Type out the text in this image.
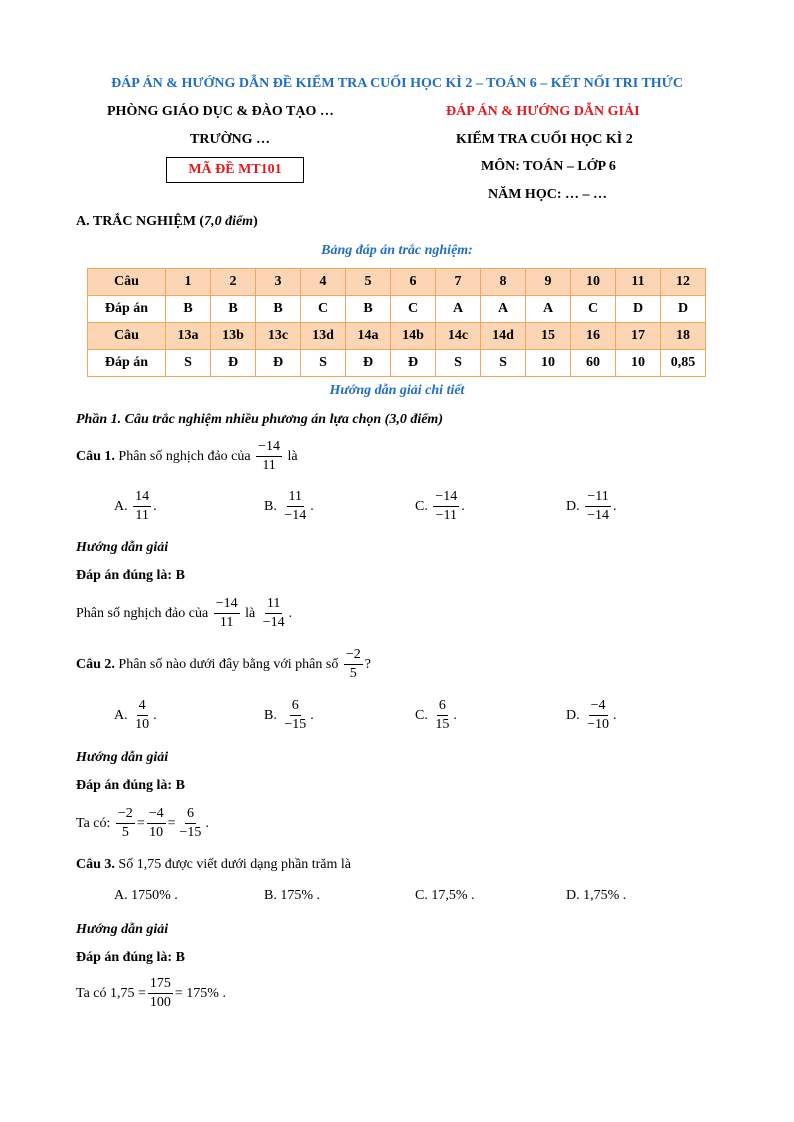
ĐÁP ÁN & HƯỚNG DẪN ĐỀ KIỂM TRA CUỐI HỌC KÌ 2 – TOÁN 6 – KẾT NỐI TRI THỨC
PHÒNG GIÁO DỤC & ĐÀO TẠO …
TRƯỜNG …
MÃ ĐỀ MT101
ĐÁP ÁN & HƯỚNG DẪN GIẢI
KIỂM TRA CUỐI HỌC KÌ 2
MÔN: TOÁN – LỚP 6
NĂM HỌC: … – …
A. TRẮC NGHIỆM (7,0 điểm)
Bảng đáp án trắc nghiệm:
Câu	1	2	3	4	5	6	7	8	9	10	11	12
Đáp án	B	B	B	C	B	C	A	A	A	C	D	D
Câu	13a	13b	13c	13d	14a	14b	14c	14d	15	16	17	18
Đáp án	S	Đ	Đ	S	Đ	Đ	S	S	10	60	10	0,85
Hướng dẫn giải chi tiết
Phần 1. Câu trắc nghiệm nhiều phương án lựa chọn (3,0 điểm)
Câu 1.
Phân số nghịch đảo của
$\frac{-14}{11}$
là
A.
$\frac{14}{11}$ .	B.
$\frac{11}{-14}$ .	C.
$\frac{-14}{-11}$ .	D.
$\frac{-11}{-14}$ .
Hướng dẫn giải
Đáp án đúng là: B
Phân số nghịch đảo của
$\frac{-14}{11}$
là
$\frac{11}{-14}$ .
Câu 2.
Phân số nào dưới đây bằng với phân số
$\frac{-2}{5}$ ?
A.
$\frac{4}{10}$ .	B.
$\frac{6}{-15}$ .	C.
$\frac{6}{15}$ .	D.
$\frac{-4}{-10}$ .
Hướng dẫn giải
Đáp án đúng là: B
Ta có:
$\frac{-2}{5} = \frac{-4}{10} = \frac{6}{-15}$ .
Câu 3. Số 1,75 được viết dưới dạng phần trăm là
A. 1750% .	B. 175% .	C. 17,5% .	D. 1,75% .
Hướng dẫn giải
Đáp án đúng là: B
Ta có $1,75 = \frac{175}{100} = 175\%$ .
